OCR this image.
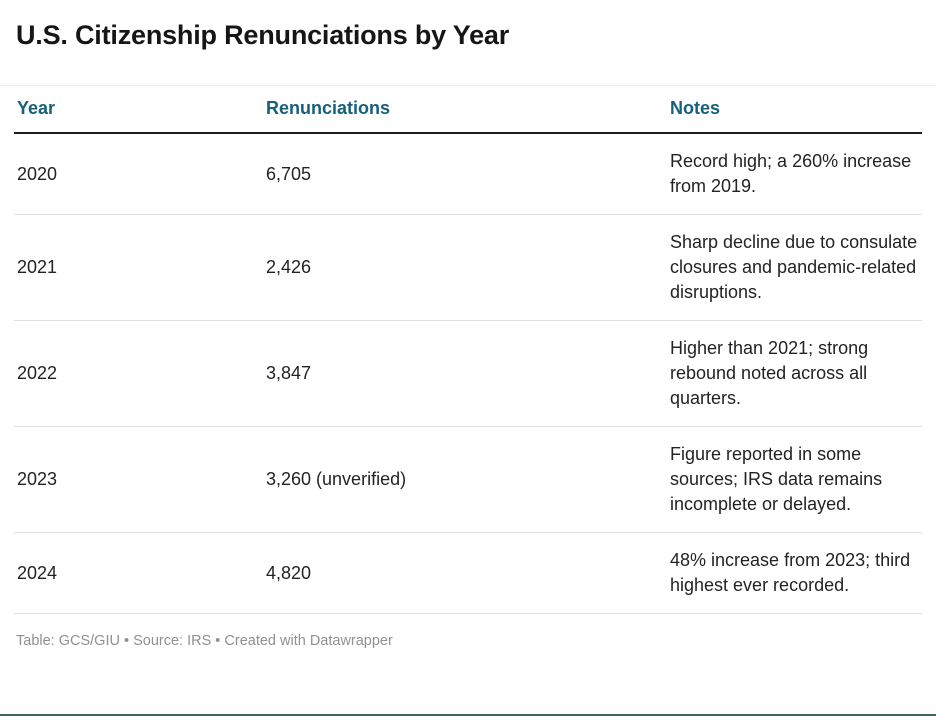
U.S. Citizenship Renunciations by Year
Year	Renunciations	Notes
2020	6,705	Record high; a 260% increase from 2019.
2021	2,426	Sharp decline due to consulate closures and pandemic-related disruptions.
2022	3,847	Higher than 2021; strong rebound noted across all quarters.
2023	3,260 (unverified)	Figure reported in some sources; IRS data remains incomplete or delayed.
2024	4,820	48% increase from 2023; third highest ever recorded.
Table: GCS/GIU • Source: IRS • Created with Datawrapper
